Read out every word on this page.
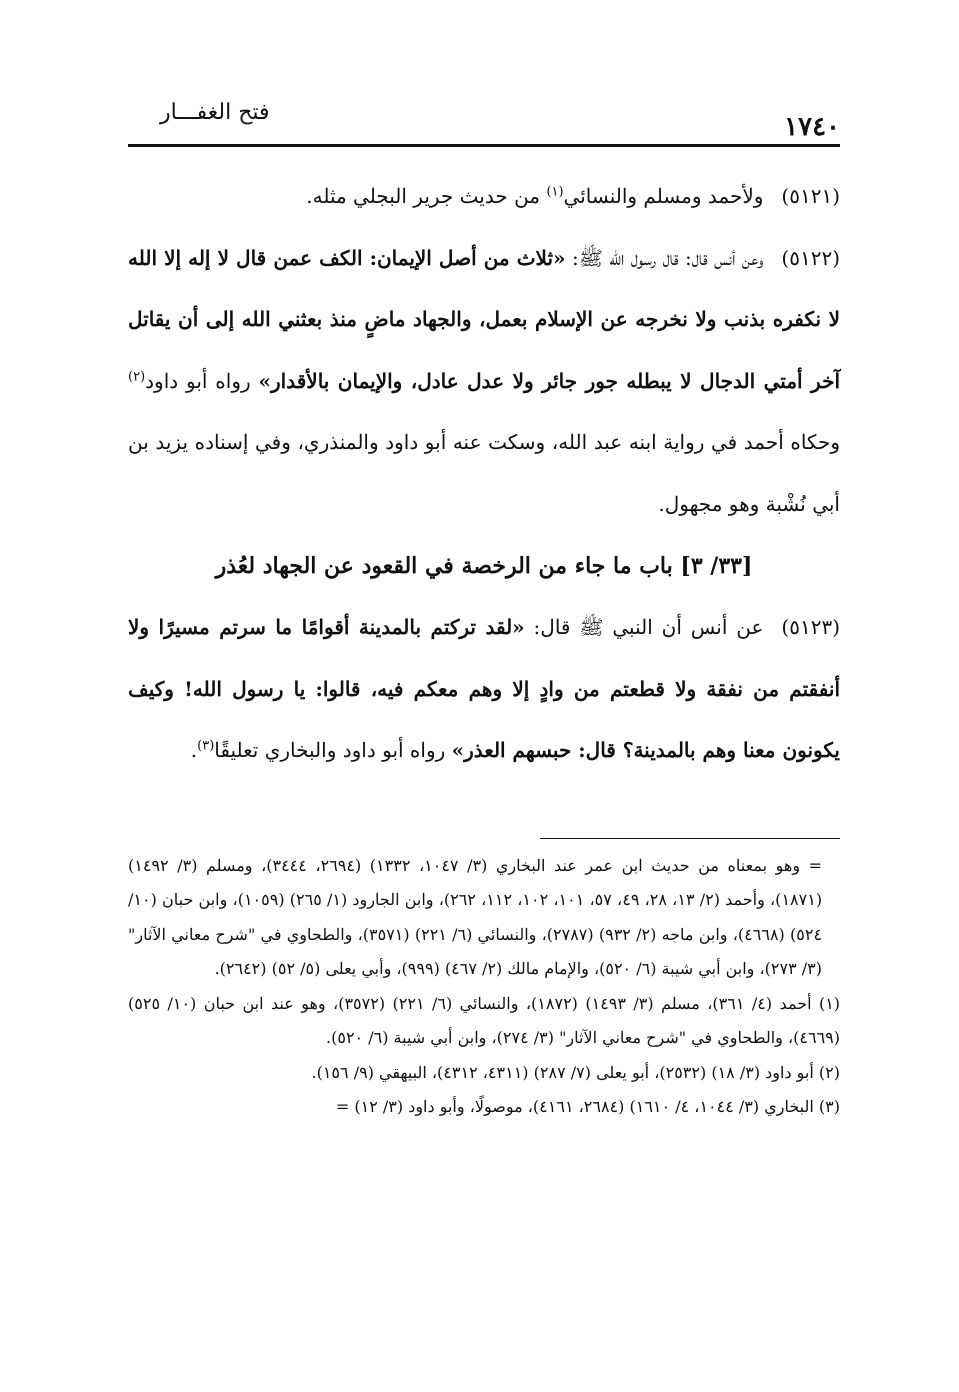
١٧٤٠
فتح الغفـــار

(٥١٢١)ولأحمد ومسلم والنسائي$^{(١)}$ من حديث جرير البجلي مثله.

(٥١٢٢)وعن أنس قال: قال رسول الله ﷺ: «ثلاث من أصل الإيمان: الكف عمن قال لا إله إلا الله لا نكفره بذنب ولا نخرجه عن الإسلام بعمل، والجهاد ماضٍ منذ بعثني الله إلى أن يقاتل آخر أمتي الدجال لا يبطله جور جائر ولا عدل عادل، والإيمان بالأقدار» رواه أبو داود$^{(٢)}$ وحكاه أحمد في رواية ابنه عبد الله، وسكت عنه أبو داود والمنذري، وفي إسناده يزيد بن أبي نُشْبة وهو مجهول.

[٣٣/ ٣] باب ما جاء من الرخصة في القعود عن الجهاد لعُذر

(٥١٢٣)عن أنس أن النبي ﷺ قال: «لقد تركتم بالمدينة أقوامًا ما سرتم مسيرًا ولا أنفقتم من نفقة ولا قطعتم من وادٍ إلا وهم معكم فيه، قالوا: يا رسول الله! وكيف يكونون معنا وهم بالمدينة؟ قال: حبسهم العذر» رواه أبو داود والبخاري تعليقًا$^{(٣)}$.

= وهو بمعناه من حديث ابن عمر عند البخاري (٣/ ١٠٤٧، ١٣٣٢) (٢٦٩٤، ٣٤٤٤)، ومسلم (٣/ ١٤٩٢) (١٨٧١)، وأحمد (٢/ ١٣، ٢٨، ٤٩، ٥٧، ١٠١، ١٠٢، ١١٢، ٢٦٢)، وابن الجارود (١/ ٢٦٥) (١٠٥٩)، وابن حبان (١٠/ ٥٢٤) (٤٦٦٨)، وابن ماجه (٢/ ٩٣٢) (٢٧٨٧)، والنسائي (٦/ ٢٢١) (٣٥٧١)، والطحاوي في "شرح معاني الآثار" (٣/ ٢٧٣)، وابن أبي شيبة (٦/ ٥٢٠)، والإمام مالك (٢/ ٤٦٧) (٩٩٩)، وأبي يعلى (٥/ ٥٢) (٢٦٤٢).

(١) أحمد (٤/ ٣٦١)، مسلم (٣/ ١٤٩٣) (١٨٧٢)، والنسائي (٦/ ٢٢١) (٣٥٧٢)، وهو عند ابن حبان (١٠/ ٥٢٥) (٤٦٦٩)، والطحاوي في "شرح معاني الآثار" (٣/ ٢٧٤)، وابن أبي شيبة (٦/ ٥٢٠).

(٢) أبو داود (٣/ ١٨) (٢٥٣٢)، أبو يعلى (٧/ ٢٨٧) (٤٣١١، ٤٣١٢)، البيهقي (٩/ ١٥٦).

(٣) البخاري (٣/ ١٠٤٤، ٤/ ١٦١٠) (٢٦٨٤، ٤١٦١)، موصولًا، وأبو داود (٣/ ١٢) =
